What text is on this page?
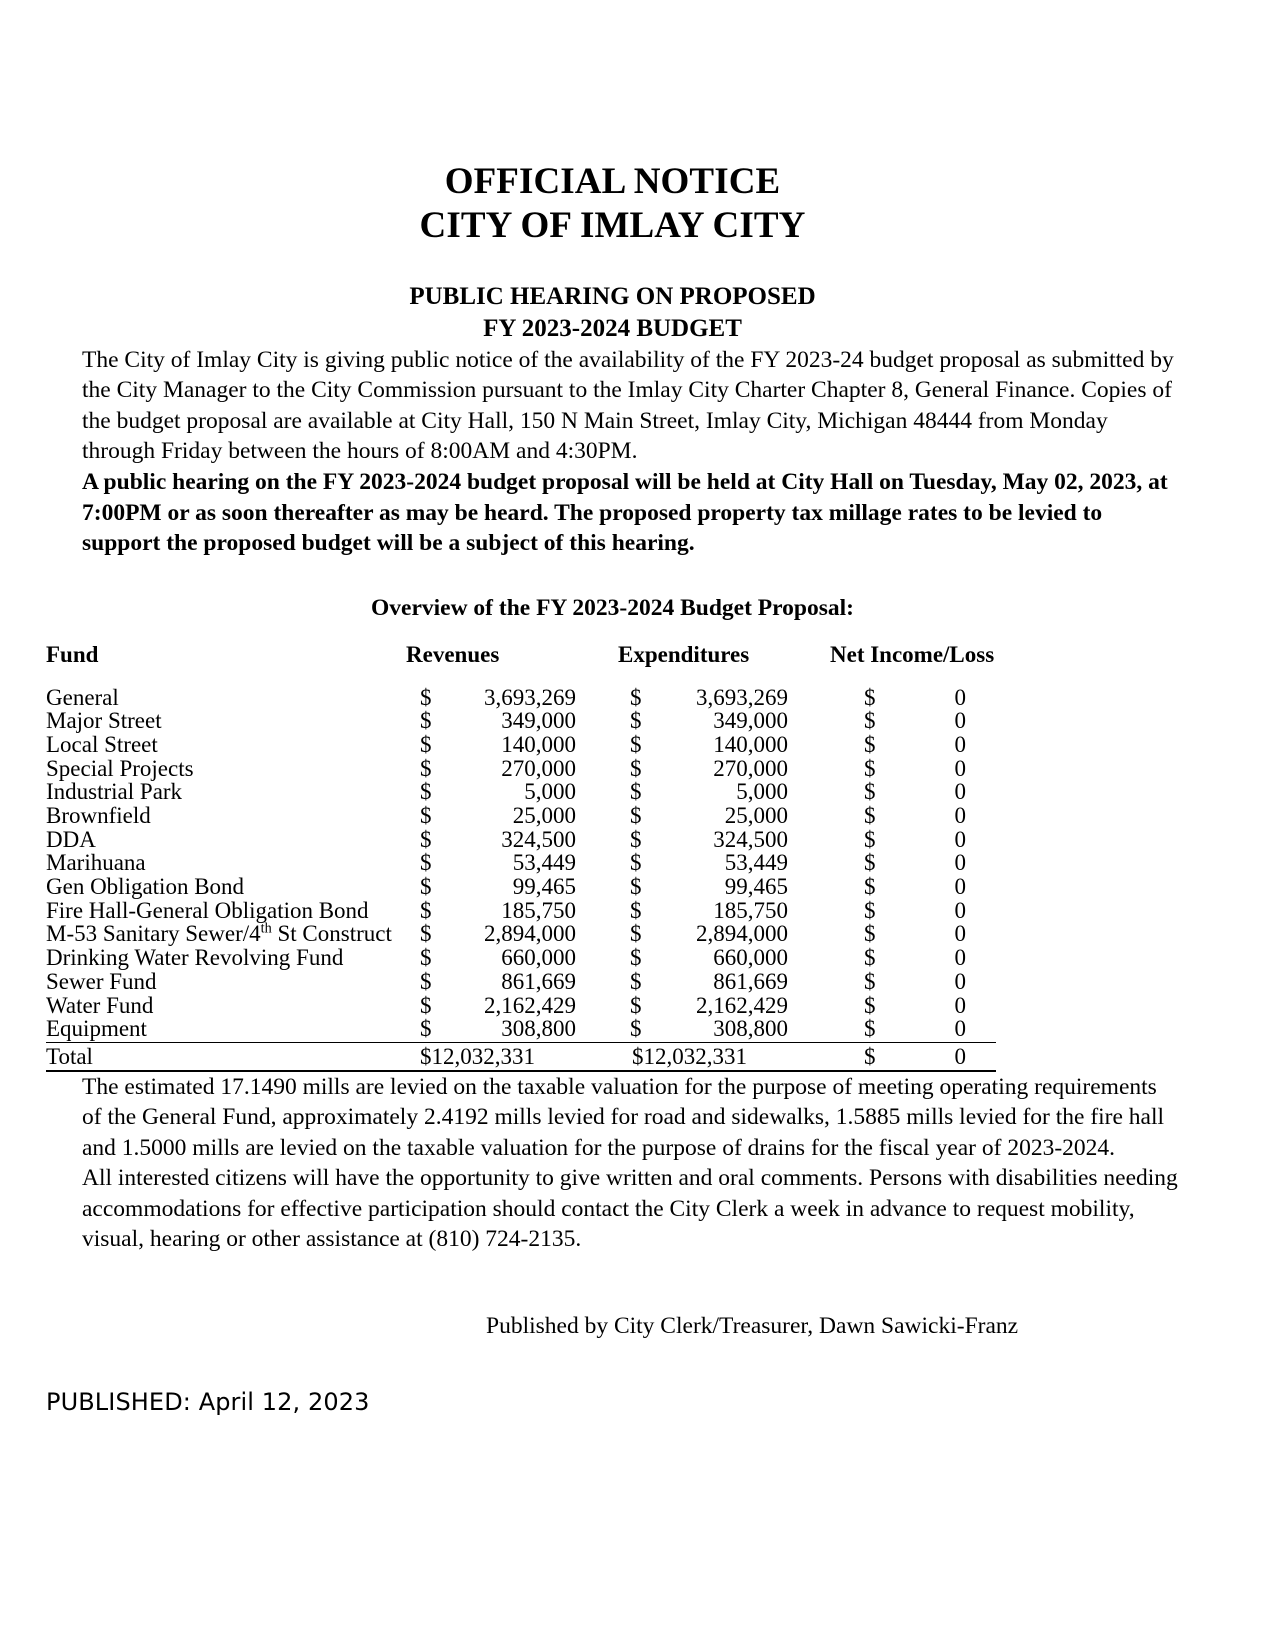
OFFICIAL NOTICE
CITY OF IMLAY CITY
PUBLIC HEARING ON PROPOSED
FY 2023-2024 BUDGET

The City of Imlay City is giving public notice of the availability of the FY 2023-24 budget proposal as submitted by the City Manager to the City Commission pursuant to the Imlay City Charter Chapter 8, General Finance. Copies of the budget proposal are available at City Hall, 150 N Main Street, Imlay City, Michigan 48444 from Monday through Friday between the hours of 8:00AM and 4:30PM.

A public hearing on the FY 2023-2024 budget proposal will be held at City Hall on Tuesday, May 02, 2023, at 7:00PM or as soon thereafter as may be heard. The proposed property tax millage rates to be levied to support the proposed budget will be a subject of this hearing.

Overview of the FY 2023-2024 Budget Proposal:
Fund	Revenues	Expenditures	Net Income/Loss
General	$ 3,693,269	$ 3,693,269	$ 0

Major Street	$ 349,000	$ 349,000	$ 0

Local Street	$ 140,000	$ 140,000	$ 0

Special Projects	$ 270,000	$ 270,000	$ 0

Industrial Park	$ 5,000	$ 5,000	$ 0

Brownfield	$ 25,000	$ 25,000	$ 0

DDA	$ 324,500	$ 324,500	$ 0

Marihuana	$ 53,449	$ 53,449	$ 0

Gen Obligation Bond	$ 99,465	$ 99,465	$ 0

Fire Hall-General Obligation Bond	$ 185,750	$ 185,750	$ 0

M-53 Sanitary Sewer/4th St Construct	$ 2,894,000	$ 2,894,000	$ 0

Drinking Water Revolving Fund	$ 660,000	$ 660,000	$ 0

Sewer Fund	$ 861,669	$ 861,669	$ 0

Water Fund	$ 2,162,429	$ 2,162,429	$ 0

Equipment	$ 308,800	$ 308,800	$ 0

Total	$12,032,331	$12,032,331	$ 0

The estimated 17.1490 mills are levied on the taxable valuation for the purpose of meeting operating requirements of the General Fund, approximately 2.4192 mills levied for road and sidewalks, 1.5885 mills levied for the fire hall and 1.5000 mills are levied on the taxable valuation for the purpose of drains for the fiscal year of 2023-2024.

All interested citizens will have the opportunity to give written and oral comments. Persons with disabilities needing accommodations for effective participation should contact the City Clerk a week in advance to request mobility, visual, hearing or other assistance at (810) 724-2135.

Published by City Clerk/Treasurer, Dawn Sawicki-Franz
PUBLISHED: April 12, 2023
